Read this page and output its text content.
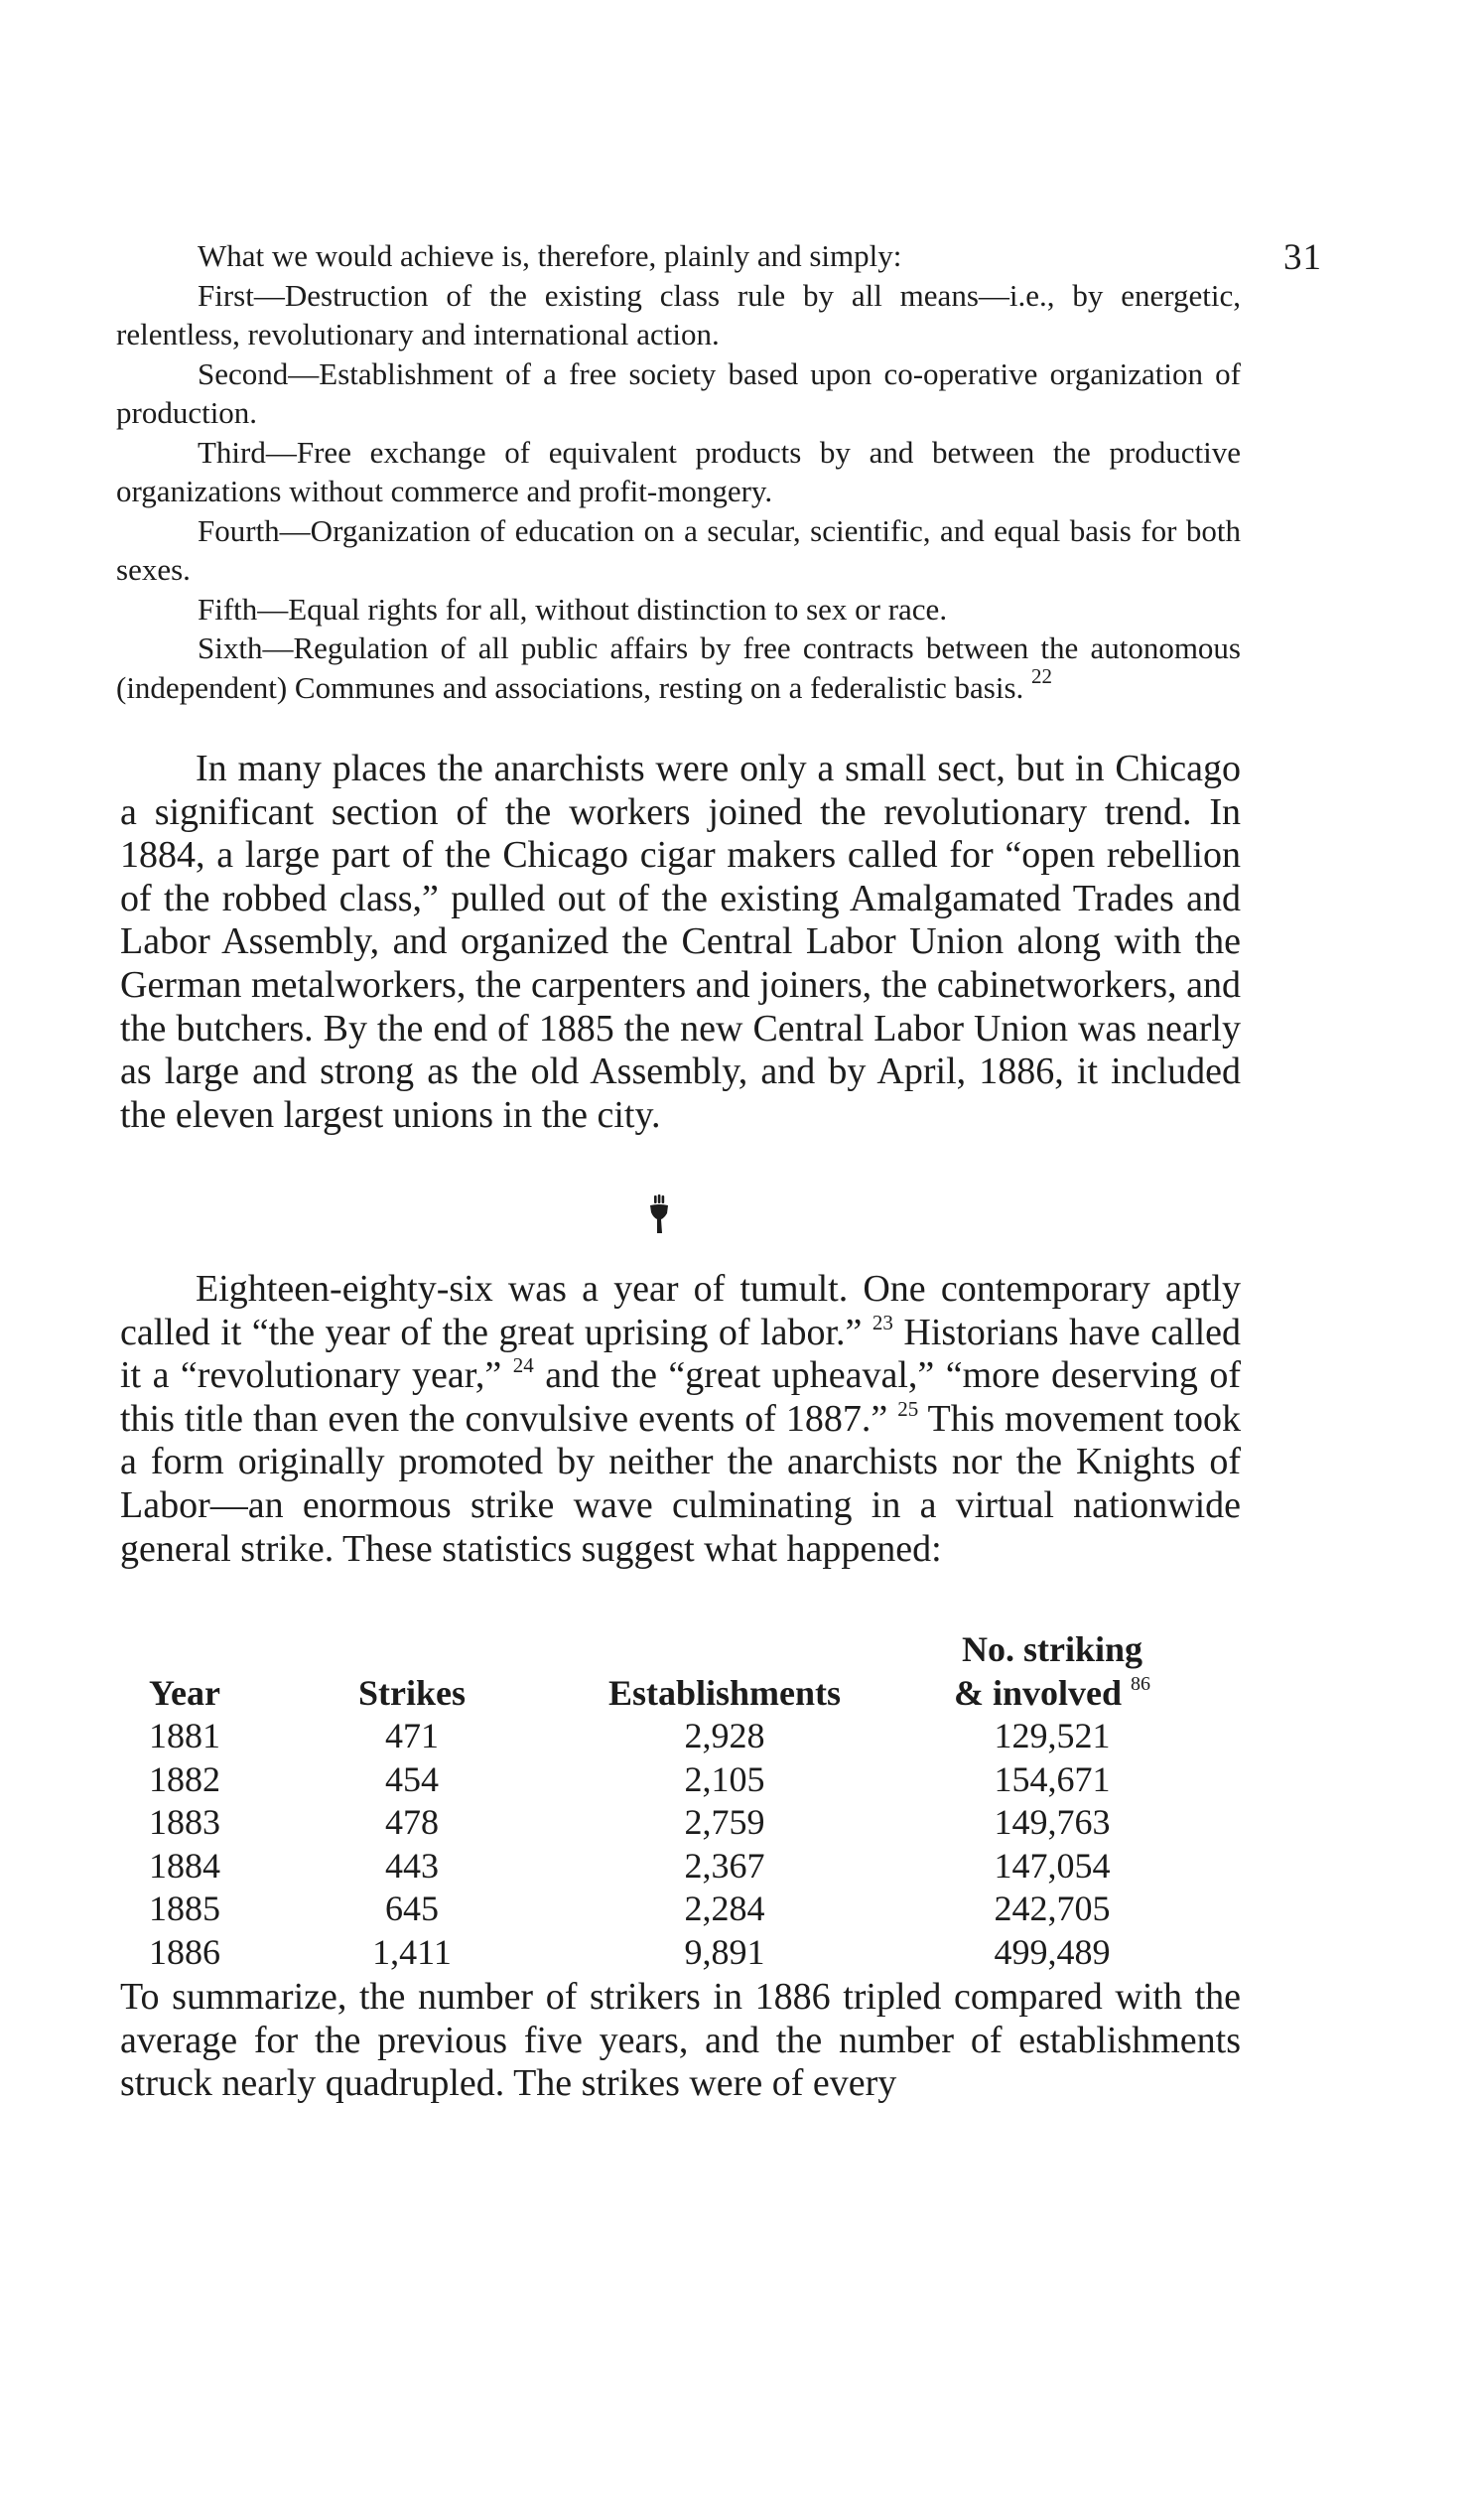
31

What we would achieve is, therefore, plainly and simply:

First—Destruction of the existing class rule by all means—i.e., by energetic, relentless, revolutionary and international action.

Second—Establishment of a free society based upon co-operative organization of production.

Third—Free exchange of equivalent products by and between the productive organizations without commerce and profit-mongery.

Fourth—Organization of education on a secular, scientific, and equal basis for both sexes.

Fifth—Equal rights for all, without distinction to sex or race.

Sixth—Regulation of all public affairs by free contracts between the autonomous (independent) Communes and associations, resting on a federalistic basis. $^{22}$

In many places the anarchists were only a small sect, but in Chicago a significant section of the workers joined the revolutionary trend. In 1884, a large part of the Chicago cigar makers called for “open rebellion of the robbed class,” pulled out of the existing Amalgamated Trades and Labor Assembly, and organized the Central Labor Union along with the German metalworkers, the carpenters and joiners, the cabinetworkers, and the butchers. By the end of 1885 the new Central Labor Union was nearly as large and strong as the old Assembly, and by April, 1886, it included the eleven largest unions in the city.

Eighteen-eighty-six was a year of tumult. One contemporary aptly called it “the year of the great uprising of labor.” $^{23}$ Historians have called it a “revolutionary year,” $^{24}$ and the “great upheaval,” “more deserving of this title than even the convulsive events of 1887.” $^{25}$ This movement took a form originally promoted by neither the anarchists nor the Knights of Labor—an enormous strike wave culminating in a virtual nationwide general strike. These statistics suggest what happened:

Year	Strikes	Establishments	No. striking
& involved $^{86}$

1881	471	2,928	129,521
1882	454	2,105	154,671
1883	478	2,759	149,763
1884	443	2,367	147,054
1885	645	2,284	242,705
1886	1,411	9,891	499,489

To summarize, the number of strikers in 1886 tripled compared with the average for the previous five years, and the number of establishments struck nearly quadrupled. The strikes were of every
